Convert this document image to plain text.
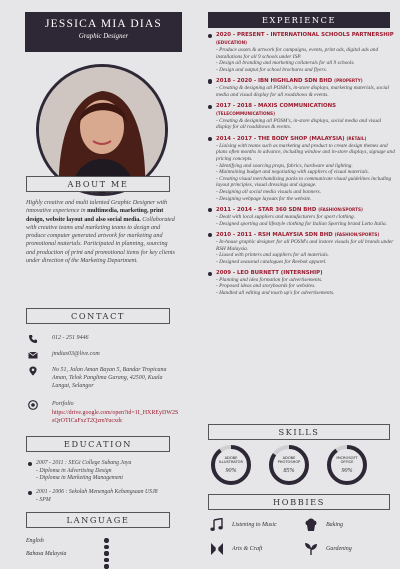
JESSICA MIA DIAS
Graphic Designer
ABOUT ME
Highly creative and multi talented Graphic Designer with innovative experience in multimedia, marketing, print design, website layout and also social media. Collaborated with creative teams and marketing teams to design and produce computer generated artwork for marketing and promotional materials. Participated in planning, sourcing and production of print and promotional items for key clients under direction of the Marketing Department.
CONTACT
012 - 251 9446
jmdias03@live.com
No 51, Jalan Aman Bayan 5, Bandar Tropicana Aman, Telok Panglima Garang, 42500, Kuala Langat, Selangor
Portfolio
https://drive.google.com/open?id=1I_HXREyDW2SsQrOTICaFxzT2QzmYucxdc
EDUCATION
2007 - 2011 : SEGi College Subang Jaya
- Diploma in Advertising Design
- Diploma in Marketing Management
2001 - 2006 : Sekolah Menengah Kebangsaan USJ8
- SPM
LANGUAGE
English
Bahasa Malaysia
EXPERIENCE
2020 - PRESENT - INTERNATIONAL SCHOOLS PARTNERSHIP (EDUCATION)
- Produce assets & artwork for campaigns, events, print ads, digital ads and installations for all 9 schools under ISP.
- Design all branding and marketing collaterals for all 9 schools.
- Design and output for school brochures and flyers.
2018 - 2020 - IBN HIGHLAND SDN BHD (PROPERTY)
- Creating & designing all POSM's, in-store displays, marketing materials, social media and visual display for all roadshows & events.
2017 - 2018 - MAXIS COMMUNICATIONS
(TELECOMMUNICATIONS)
- Creating & designing all POSM's, in-store displays, social media and visual display for all roadshows & events.
2014 - 2017 - THE BODY SHOP (MALAYSIA) (RETAIL)
- Liaising with teams such as marketing and product to create design themes and plans often months in advance, including window and in-store displays, signage and pricing concepts.
- Identifying and sourcing props, fabrics, hardware and lighting.
- Maintaining budget and negotiating with suppliers of visual materials.
- Creating visual merchandising packs to communicate visual guidelines including layout principles, visual dressings and signage.
- Designing all social media visuals and banners.
- Designing webpage layouts for the website.
2011 - 2014 - STAR 360 SDN BHD (FASHION/SPORTS)
- Dealt with local suppliers and manufacturers for sport clothing.
- Designed sporting and lifestyle clothing for Italian Sporting brand Lotto Italia.
2010 - 2011 - RSH MALAYSIA SDN BHD (FASHION/SPORTS)
- In-house graphic designer for all POSM's and instore visuals for all brands under RSH Malaysia.
- Liased with printers and suppliers for all materials.
- Designed seasonal catalogues for Reebok apparel.
2009 - LEO BURNETT (INTERNSHIP)
- Planning and idea formation for advertisements.
- Proposed ideas and storyboards for websites.
- Handled all editing and touch up's for advertisements.
SKILLS
ADOBE
ILLUSTRATOR
90%
ADOBE
PHOTOSHOP
85%
MICROSOFT
OFFICE
90%
HOBBIES
Listening to Music	Baking
Arts & Craft	Gardening
